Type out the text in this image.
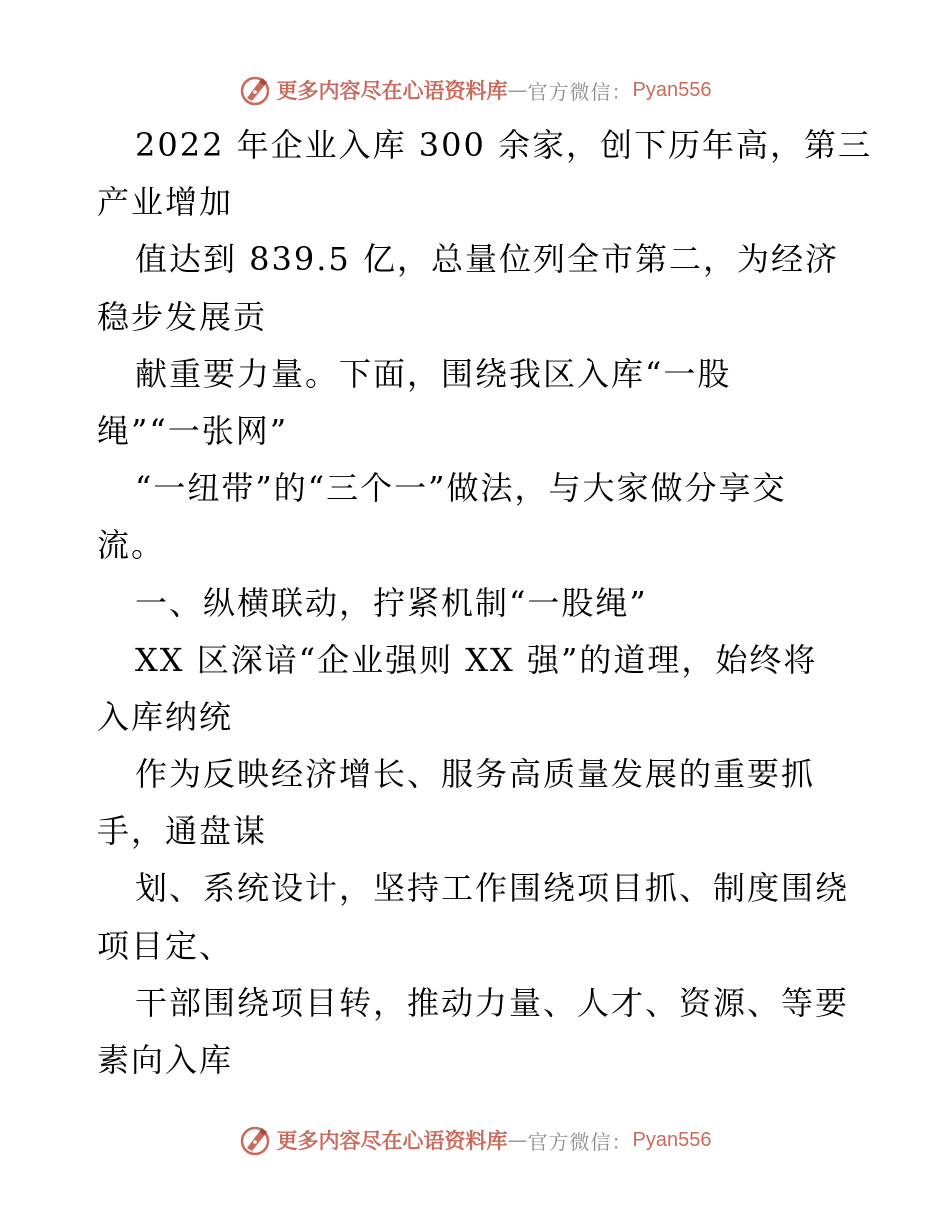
更多内容尽在心语资料库 — 官方微信： Pyan556
2022 年企业入库 300 余家，创下历年高，第三
产业增加
值达到 839.5 亿，总量位列全市第二，为经济
稳步发展贡
献重要力量。下面，围绕我区入库“一股
绳”“一张网”
“一纽带”的“三个一”做法，与大家做分享交
流。
一、纵横联动，拧紧机制“一股绳”
XX 区深谙“企业强则 XX 强”的道理，始终将
入库纳统
作为反映经济增长、服务高质量发展的重要抓
手，通盘谋
划、系统设计，坚持工作围绕项目抓、制度围绕
项目定、
干部围绕项目转，推动力量、人才、资源、等要
素向入库
更多内容尽在心语资料库 — 官方微信： Pyan556
